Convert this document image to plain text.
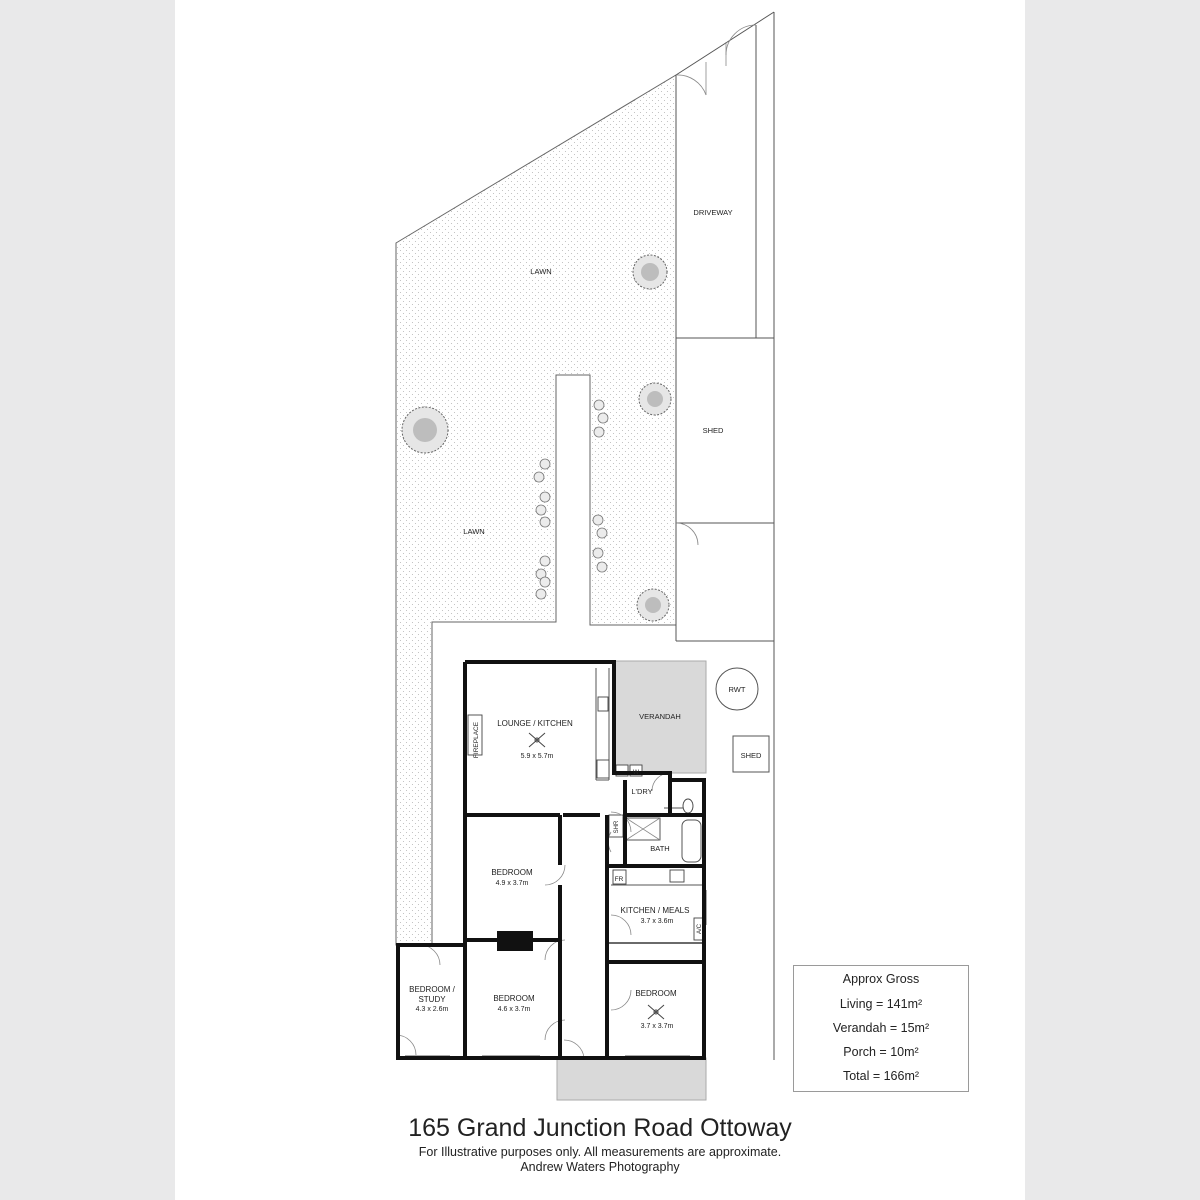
DRIVEWAY
SHED
LAWN
LAWN
RWT
SHED
VERANDAH
LOUNGE / KITCHEN
5.9 x 5.7m
FIREPLACE
L'DRY
W
SHR
BATH
BEDROOM
4.9 x 3.7m
FR
KITCHEN / MEALS
3.7 x 3.6m
A/C
BEDROOM /
STUDY
4.3 x 2.6m
BEDROOM
4.6 x 3.7m
BEDROOM
3.7 x 3.7m
Approx Gross
Living = 141m²
Verandah = 15m²
Porch = 10m²
Total = 166m²
165 Grand Junction Road Ottoway
For Illustrative purposes only. All measurements are approximate.
Andrew Waters Photography
